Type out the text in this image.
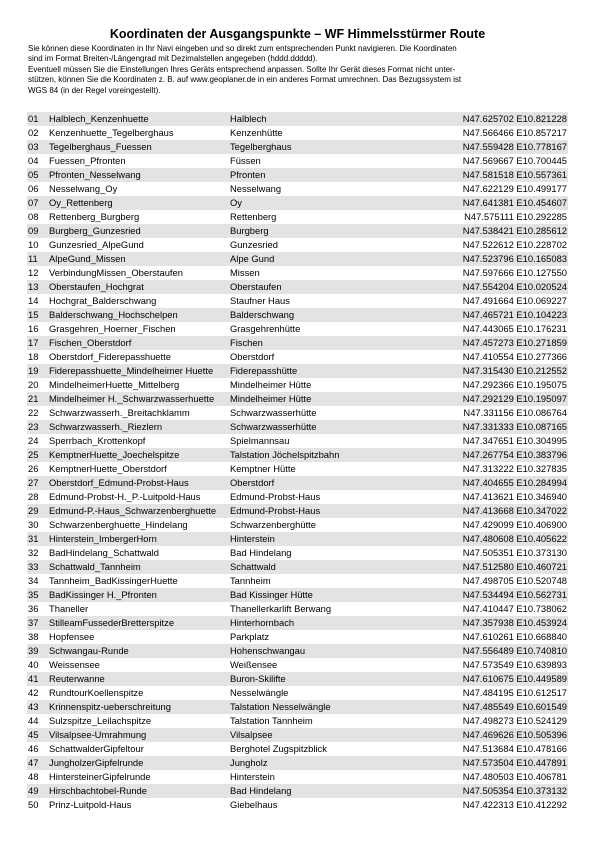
Koordinaten der Ausgangspunkte – WF Himmelsstürmer Route
Sie können diese Koordinaten in Ihr Navi eingeben und so direkt zum entsprechenden Punkt navigieren. Die Koordinaten
sind im Format Breiten-/Längengrad mit Dezimalstellen angegeben (hddd.ddddd).
Eventuell müssen Sie die Einstellungen Ihres Geräts entsprechend anpassen. Sollte Ihr Gerät dieses Format nicht unter-
stützen, können Sie die Koordinaten z. B. auf www.geoplaner.de in ein anderes Format umrechnen. Das Bezugssystem ist
WGS 84 (in der Regel voreingestellt).
01	Halblech_Kenzenhuette	Halblech	N47.625702 E10.821228
02	Kenzenhuette_Tegelberghaus	Kenzenhütte	N47.566466 E10.857217
03	Tegelberghaus_Fuessen	Tegelberghaus	N47.559428 E10.778167
04	Fuessen_Pfronten	Füssen	N47.569667 E10.700445
05	Pfronten_Nesselwang	Pfronten	N47.581518 E10.557361
06	Nesselwang_Oy	Nesselwang	N47.622129 E10.499177
07	Oy_Rettenberg	Oy	N47.641381 E10.454607
08	Rettenberg_Burgberg	Rettenberg	N47.575111 E10.292285
09	Burgberg_Gunzesried	Burgberg	N47.538421 E10.285612
10	Gunzesried_AlpeGund	Gunzesried	N47.522612 E10.228702
11	AlpeGund_Missen	Alpe Gund	N47.523796 E10.165083
12	VerbindungMissen_Oberstaufen	Missen	N47.597666 E10.127550
13	Oberstaufen_Hochgrat	Oberstaufen	N47.554204 E10.020524
14	Hochgrat_Balderschwang	Staufner Haus	N47.491664 E10.069227
15	Balderschwang_Hochschelpen	Balderschwang	N47.465721 E10.104223
16	Grasgehren_Hoerner_Fischen	Grasgehrenhütte	N47.443065 E10.176231
17	Fischen_Oberstdorf	Fischen	N47.457273 E10.271859
18	Oberstdorf_Fiderepasshuette	Oberstdorf	N47.410554 E10.277366
19	Fiderepasshuette_Mindelheimer Huette	Fiderepasshütte	N47.315430 E10.212552
20	MindelheimerHuette_Mittelberg	Mindelheimer Hütte	N47.292366 E10.195075
21	Mindelheimer H._Schwarzwasserhuette	Mindelheimer Hütte	N47.292129 E10.195097
22	Schwarzwasserh._Breitachklamm	Schwarzwasserhütte	N47.331156 E10.086764
23	Schwarzwasserh._Riezlern	Schwarzwasserhütte	N47.331333 E10.087165
24	Sperrbach_Krottenkopf	Spielmannsau	N47.347651 E10.304995
25	KemptnerHuette_Joechelspitze	Talstation Jöchelspitzbahn	N47.267754 E10.383796
26	KemptnerHuette_Oberstdorf	Kemptner Hütte	N47.313222 E10.327835
27	Oberstdorf_Edmund-Probst-Haus	Oberstdorf	N47.404655 E10.284994
28	Edmund-Probst-H._P.-Luitpold-Haus	Edmund-Probst-Haus	N47.413621 E10.346940
29	Edmund-P.-Haus_Schwarzenberghuette	Edmund-Probst-Haus	N47.413668 E10.347022
30	Schwarzenberghuette_Hindelang	Schwarzenberghütte	N47.429099 E10.406900
31	Hinterstein_ImbergerHorn	Hinterstein	N47.480608 E10.405622
32	BadHindelang_Schattwald	Bad Hindelang	N47.505351 E10.373130
33	Schattwald_Tannheim	Schattwald	N47.512580 E10.460721
34	Tannheim_BadKissingerHuette	Tannheim	N47.498705 E10.520748
35	BadKissinger H._Pfronten	Bad Kissinger Hütte	N47.534494 E10.562731
36	Thaneller	Thanellerkarlift Berwang	N47.410447 E10.738062
37	StilleamFussederBretterspitze	Hinterhornbach	N47.357938 E10.453924
38	Hopfensee	Parkplatz	N47.610261 E10.668840
39	Schwangau-Runde	Hohenschwangau	N47.556489 E10.740810
40	Weissensee	Weißensee	N47.573549 E10.639893
41	Reuterwanne	Buron-Skilifte	N47.610675 E10.449589
42	RundtourKoellenspitze	Nesselwängle	N47.484195 E10.612517
43	Krinnenspitz-ueberschreitung	Talstation Nesselwängle	N47.485549 E10.601549
44	Sulzspitze_Leilachspitze	Talstation Tannheim	N47.498273 E10.524129
45	Vilsalpsee-Umrahmung	Vilsalpsee	N47.469626 E10.505396
46	SchattwalderGipfeltour	Berghotel Zugspitzblick	N47.513684 E10.478166
47	JungholzerGipfelrunde	Jungholz	N47.573504 E10.447891
48	HintersteinerGipfelrunde	Hinterstein	N47.480503 E10.406781
49	Hirschbachtobel-Runde	Bad Hindelang	N47.505354 E10.373132
50	Prinz-Luitpold-Haus	Giebelhaus	N47.422313 E10.412292
